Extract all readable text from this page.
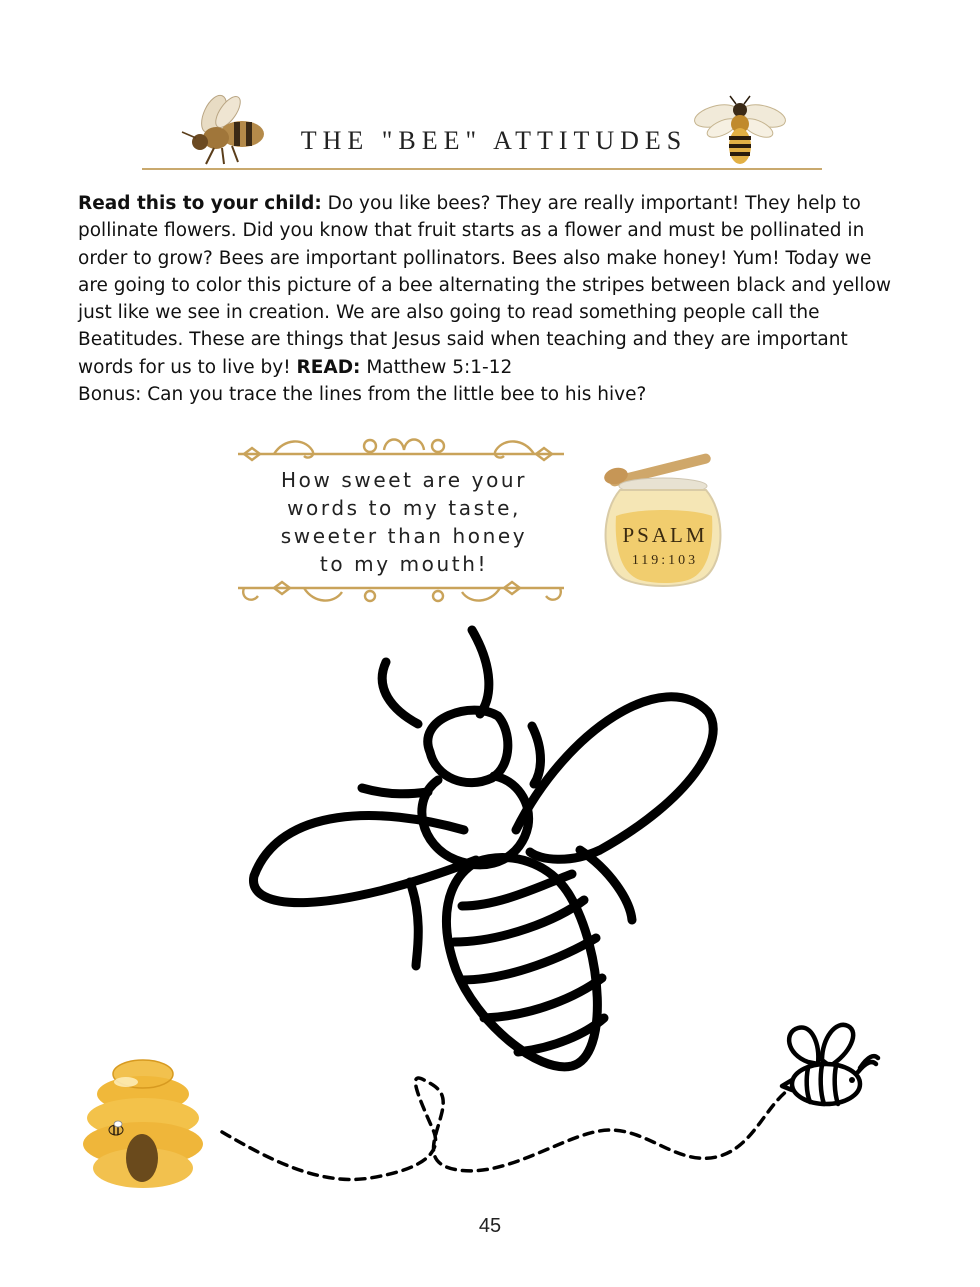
THE "BEE" ATTITUDES
Read this to your child: Do you like bees? They are really important! They help to pollinate flowers. Did you know that fruit starts as a flower and must be pollinated in order to grow? Bees are important pollinators. Bees also make honey! Yum! Today we are going to color this picture of a bee alternating the stripes between black and yellow just like we see in creation. We are also going to read something people call the Beatitudes. These are things that Jesus said when teaching and they are important words for us to live by! READ: Matthew 5:1-12
Bonus: Can you trace the lines from the little bee to his hive?
How sweet are your
words to my taste,
sweeter than honey
to my mouth!
PSALM
119:103
45
